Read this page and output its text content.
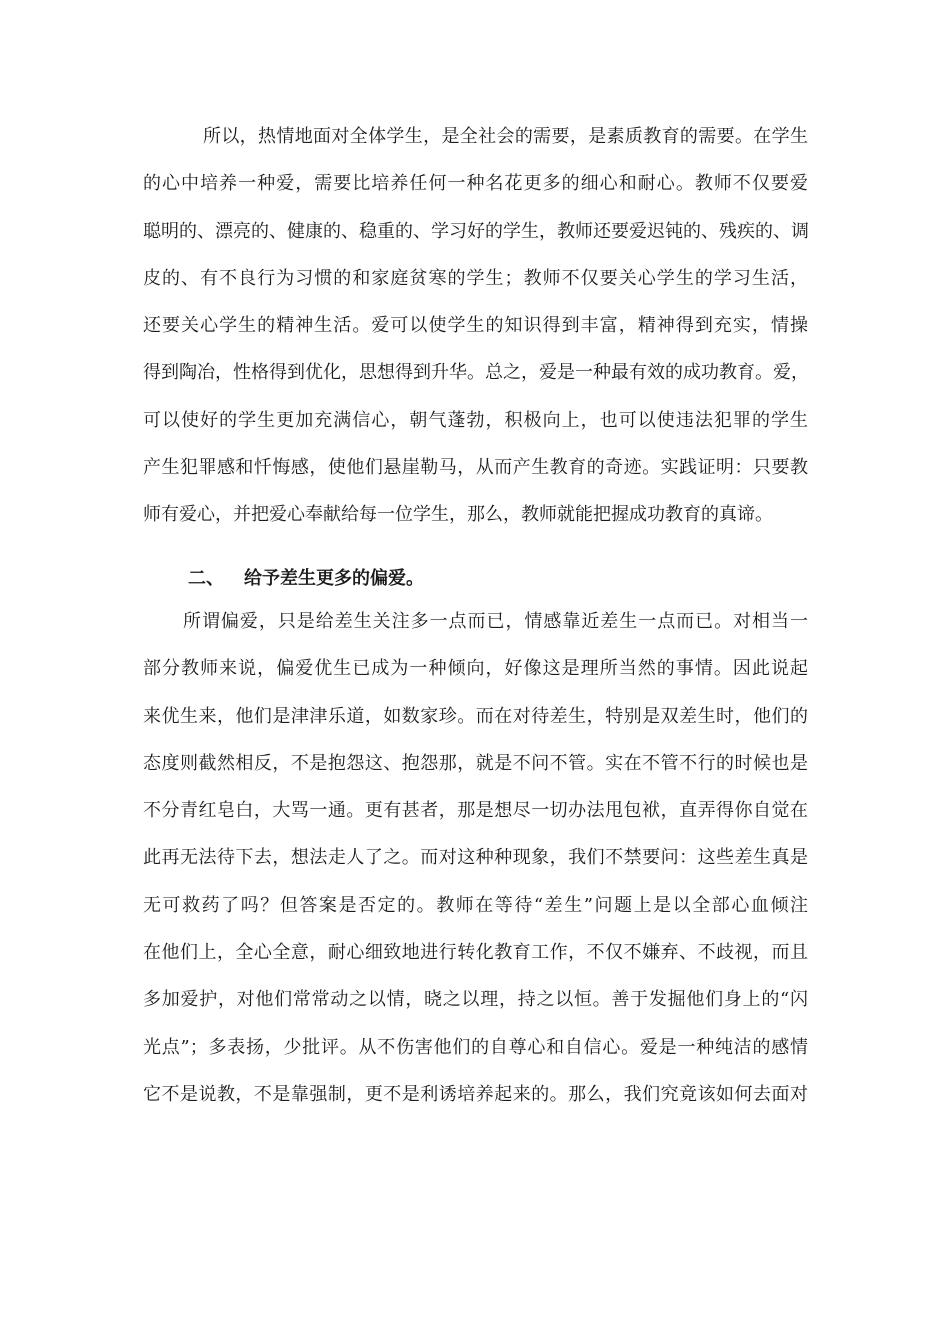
所以，热情地面对全体学生，是全社会的需要，是素质教育的需要。在学生
的心中培养一种爱，需要比培养任何一种名花更多的细心和耐心。教师不仅要爱
聪明的、漂亮的、健康的、稳重的、学习好的学生，教师还要爱迟钝的、残疾的、调
皮的、有不良行为习惯的和家庭贫寒的学生；教师不仅要关心学生的学习生活，
还要关心学生的精神生活。爱可以使学生的知识得到丰富，精神得到充实，情操
得到陶冶，性格得到优化，思想得到升华。总之，爱是一种最有效的成功教育。爱，
可以使好的学生更加充满信心，朝气蓬勃，积极向上，也可以使违法犯罪的学生
产生犯罪感和忏悔感，使他们悬崖勒马，从而产生教育的奇迹。实践证明：只要教
师有爱心，并把爱心奉献给每一位学生，那么，教师就能把握成功教育的真谛。
二、 给予差生更多的偏爱。
所谓偏爱，只是给差生关注多一点而已，情感靠近差生一点而已。对相当一
部分教师来说，偏爱优生已成为一种倾向，好像这是理所当然的事情。因此说起
来优生来，他们是津津乐道，如数家珍。而在对待差生，特别是双差生时，他们的
态度则截然相反，不是抱怨这、抱怨那，就是不问不管。实在不管不行的时候也是
不分青红皂白，大骂一通。更有甚者，那是想尽一切办法甩包袱，直弄得你自觉在
此再无法待下去，想法走人了之。而对这种种现象，我们不禁要问：这些差生真是
无可救药了吗？但答案是否定的。教师在等待“差生”问题上是以全部心血倾注
在他们上，全心全意，耐心细致地进行转化教育工作，不仅不嫌弃、不歧视，而且
多加爱护，对他们常常动之以情，晓之以理，持之以恒。善于发掘他们身上的“闪
光点”；多表扬，少批评。从不伤害他们的自尊心和自信心。爱是一种纯洁的感情
它不是说教，不是靠强制，更不是利诱培养起来的。那么，我们究竟该如何去面对
